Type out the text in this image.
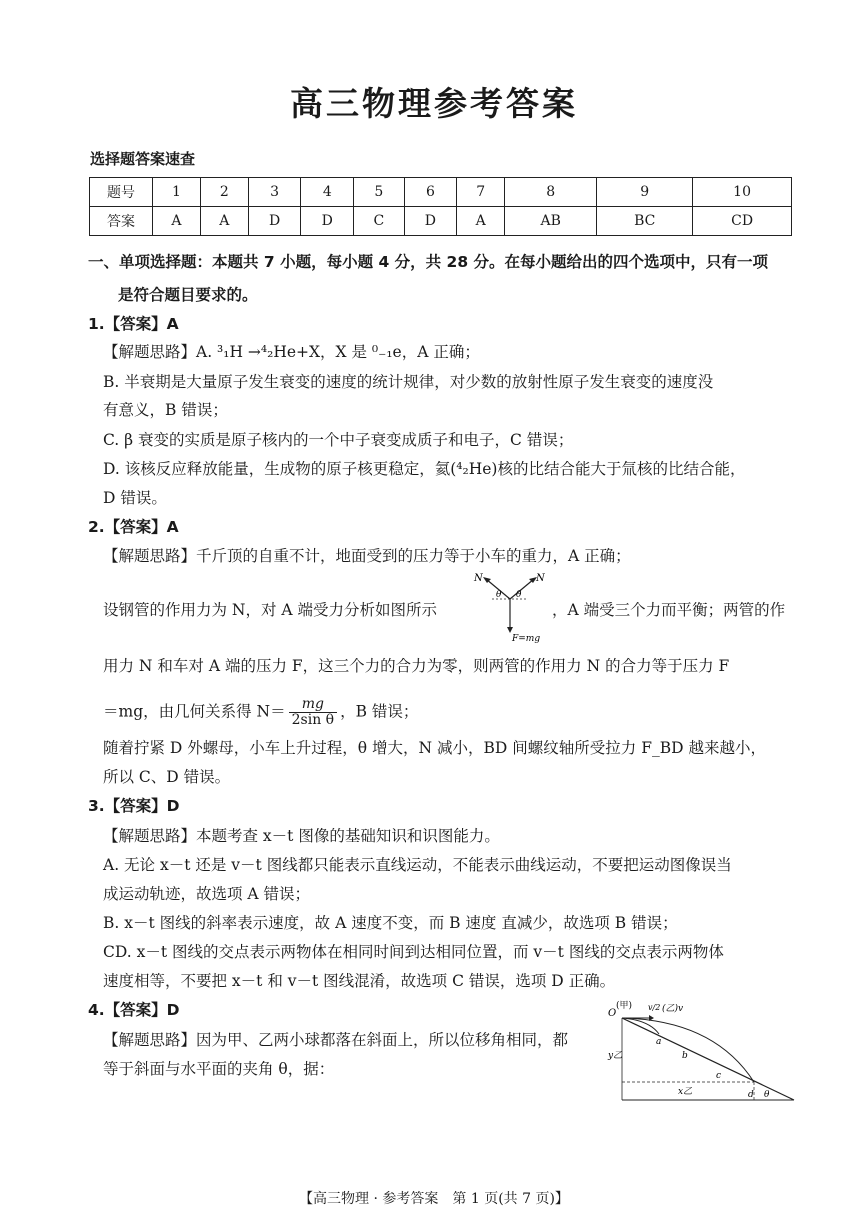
高三物理参考答案
选择题答案速查
题号	1	2	3	4	5	6	7	8	9	10
答案	A	A	D	D	C	D	A	AB	BC	CD
一、单项选择题：本题共 7 小题，每小题 4 分，共 28 分。在每小题给出的四个选项中，只有一项
是符合题目要求的。
1.【答案】A
【解题思路】A. ³₁H →⁴₂He+X，X 是 ⁰₋₁e，A 正确；
B. 半衰期是大量原子发生衰变的速度的统计规律，对少数的放射性原子发生衰变的速度没
有意义，B 错误；
C. β 衰变的实质是原子核内的一个中子衰变成质子和电子，C 错误；
D. 该核反应释放能量，生成物的原子核更稳定，氦(⁴₂He)核的比结合能大于氚核的比结合能，
D 错误。
2.【答案】A
【解题思路】千斤顶的自重不计，地面受到的压力等于小车的重力，A 正确；
设钢管的作用力为 N，对 A 端受力分析如图所示
N	N
θ θ
F=mg
，A 端受三个力而平衡；两管的作
用力 N 和车对 A 端的压力 F，这三个力的合力为零，则两管的作用力 N 的合力等于压力 F
＝mg，由几何关系得 $N= \frac{mg}{\text{2sin θ}}$ ，B 错误；
随着拧紧 D 外螺母，小车上升过程，θ 增大，N 减小，BD 间螺纹轴所受拉力 F_BD 越来越小，
所以 C、D 错误。
3.【答案】D
【解题思路】本题考查 x－t 图像的基础知识和识图能力。
A. 无论 x－t 还是 v－t 图线都只能表示直线运动，不能表示曲线运动，不要把运动图像误当
成运动轨迹，故选项 A 错误；
B. x－t 图线的斜率表示速度，故 A 速度不变，而 B 速度 直减少，故选项 B 错误；
CD. x－t 图线的交点表示两物体在相同时间到达相同位置，而 v－t 图线的交点表示两物体
速度相等，不要把 x－t 和 v－t 图线混淆，故选项 C 错误，选项 D 正确。
4.【答案】D
【解题思路】因为甲、乙两小球都落在斜面上，所以位移角相同，都
等于斜面与水平面的夹角 θ，据：
O
(甲) v/2 (乙)v
y乙
x乙
a
b
c
d θ
【高三物理 · 参考答案　第 1 页(共 7 页)】
